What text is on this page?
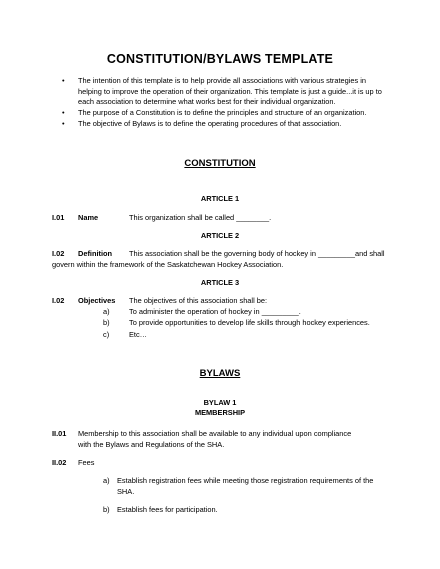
CONSTITUTION/BYLAWS TEMPLATE
• The intention of this template is to help provide all associations with various strategies in helping to improve the operation of their organization. This template is just a guide...it is up to each association to determine what works best for their individual organization.
• The purpose of a Constitution is to define the principles and structure of an organization.
• The objective of Bylaws is to define the operating procedures of that association.
CONSTITUTION
ARTICLE 1
I.01 Name	This organization shall be called ________.
ARTICLE 2
I.02 Definition This association shall be the governing body of hockey in _________and shall
govern within the framework of the Saskatchewan Hockey Association.
ARTICLE 3
I.02 Objectives The objectives of this association shall be:
a)	To administer the operation of hockey in _________.
b)	To provide opportunities to develop life skills through hockey experiences.
c)	Etc…
BYLAWS
BYLAW 1
MEMBERSHIP
II.01 Membership to this association shall be available to any individual upon compliance
with the Bylaws and Regulations of the SHA.
II.02 Fees
a) Establish registration fees while meeting those registration requirements of the
SHA.
b) Establish fees for participation.
